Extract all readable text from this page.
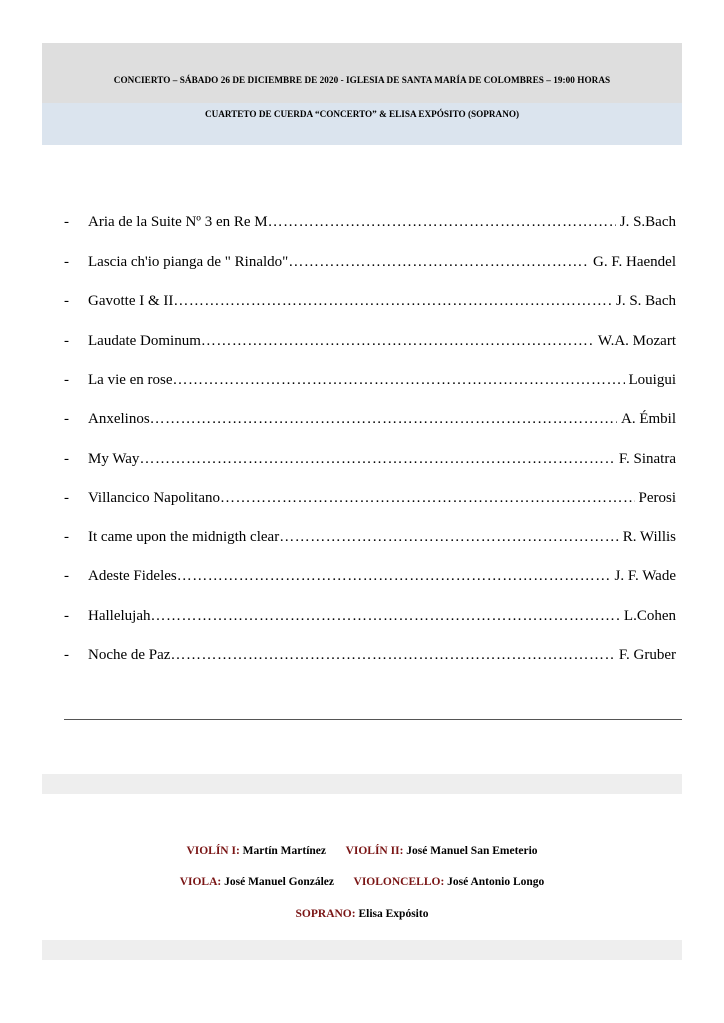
CONCIERTO – SÁBADO 26 DE DICIEMBRE DE 2020 - IGLESIA DE SANTA MARÍA DE COLOMBRES – 19:00 HORAS
CUARTETO DE CUERDA “CONCERTO” & ELISA EXPÓSITO (SOPRANO)
- Aria de la Suite Nº 3 en Re M ……………………………………………………………………………………………………………………………………………………	J. S.Bach
- Lascia ch'io pianga de " Rinaldo" ……………………………………………………………………………………………………………………………………………………	G. F. Haendel
- Gavotte I & II ……………………………………………………………………………………………………………………………………………………	J. S. Bach
- Laudate Dominum ……………………………………………………………………………………………………………………………………………………	W.A. Mozart
- La vie en rose ……………………………………………………………………………………………………………………………………………………	Louigui
- Anxelinos ……………………………………………………………………………………………………………………………………………………	A. Émbil
- My Way ……………………………………………………………………………………………………………………………………………………	F. Sinatra
- Villancico Napolitano ……………………………………………………………………………………………………………………………………………………	Perosi
- It came upon the midnigth clear ……………………………………………………………………………………………………………………………………………………	R. Willis
- Adeste Fideles ……………………………………………………………………………………………………………………………………………………	J. F. Wade
- Hallelujah ……………………………………………………………………………………………………………………………………………………	L.Cohen
- Noche de Paz ……………………………………………………………………………………………………………………………………………………	F. Gruber
VIOLÍN I: Martín Martínez VIOLÍN II: José Manuel San Emeterio
VIOLA: José Manuel González VIOLONCELLO: José Antonio Longo
SOPRANO: Elisa Expósito
